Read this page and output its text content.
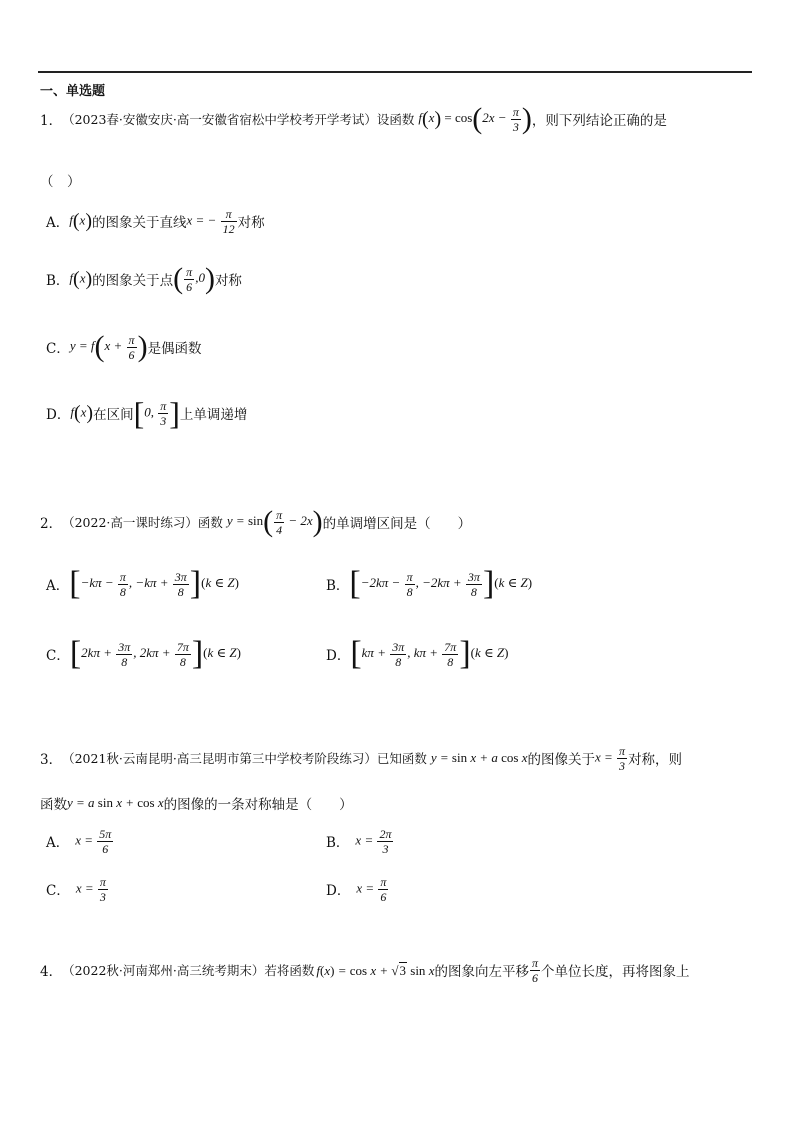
一、单选题
1． （2023春·安徽安庆·高一安徽省宿松中学校考开学考试）设函数 $f(x) = \cos(2x - \frac{\pi}{3}$ ) ，则下列结论正确的是
（　）
A． f(x) 的图象关于直线 x = − $\frac{\pi}{12}$ 对称
B． f(x) 的图象关于点 ( $\frac{\pi}{6} ,0$) 对称
C． $y = f(x + \frac{\pi}{6}$ ) 是偶函数
D． f(x) 在区间 [0, $\frac{\pi}{3}$ ] 上单调递增
2． （2022·高一课时练习）函数 $y = \sin( \frac{\pi}{4} - 2x)$ 的单调增区间是（　　）
A． [$-k\pi - \frac{\pi}{8}$ , $-k\pi + \frac{3\pi}{8} ](k$ ∈ Z)	B． [$-2k\pi - \frac{\pi}{8}$ , $-2k\pi + \frac{3\pi}{8} ](k$ ∈ Z)
C． [$2k\pi + \frac{3\pi}{8}$ , $2k\pi + \frac{7\pi}{8} ](k$ ∈ Z)	D． [$k\pi + \frac{3\pi}{8}$ , $k\pi + \frac{7\pi}{8} ](k$ ∈ Z)
3． （2021秋·云南昆明·高三昆明市第三中学校考阶段练习）已知函数 y = sin x + a cos x 的图像关于 $x = \frac{\pi}{3}$ 对称，则
函数 y = a sin x + cos x 的图像的一条对称轴是（　　）
A． $x = \frac{5\pi}{6}$	B． $x = \frac{2\pi}{3}$
C． $x = \frac{\pi}{3}$	D． $x = \frac{\pi}{6}$
4． （2022秋·河南郑州·高三统考期末）若将函数 f(x) = cos x + √3 sin x 的图象向左平移 $\frac{\pi}{6}$ 个单位长度，再将图象上
